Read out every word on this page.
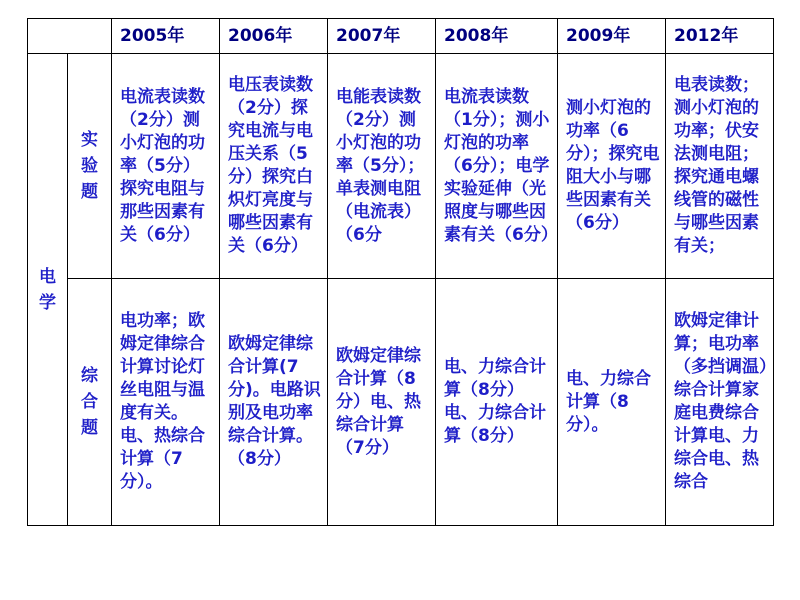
		2005年	2006年	2007年	2008年	2009年	2012年
电学	实验题	电流表读数（2分）测小灯泡的功率（5分）探究电阻与那些因素有关（6分）	电压表读数（2分）探究电流与电压关系（5分）探究白炽灯亮度与哪些因素有关（6分）	电能表读数（2分）测小灯泡的功率（5分）；单表测电阻（电流表）（6分	电流表读数（1分）；测小灯泡的功率（6分）；电学实验延伸（光照度与哪些因素有关（6分）	测小灯泡的功率（6分）；探究电阻大小与哪些因素有关（6分）	电表读数；测小灯泡的功率；伏安法测电阻；探究通电螺线管的磁性与哪些因素有关；
	综合题	电功率；欧姆定律综合计算讨论灯丝电阻与温度有关。电、热综合计算（7分）。	欧姆定律综合计算(7分)。电路识别及电功率综合计算。（8分）	欧姆定律综合计算（8分）电、热综合计算（7分）	电、力综合计算（8分）电、力综合计算（8分）	电、力综合计算（8分）。	欧姆定律计算；电功率（多挡调温）综合计算家庭电费综合计算电、力综合电、热综合
